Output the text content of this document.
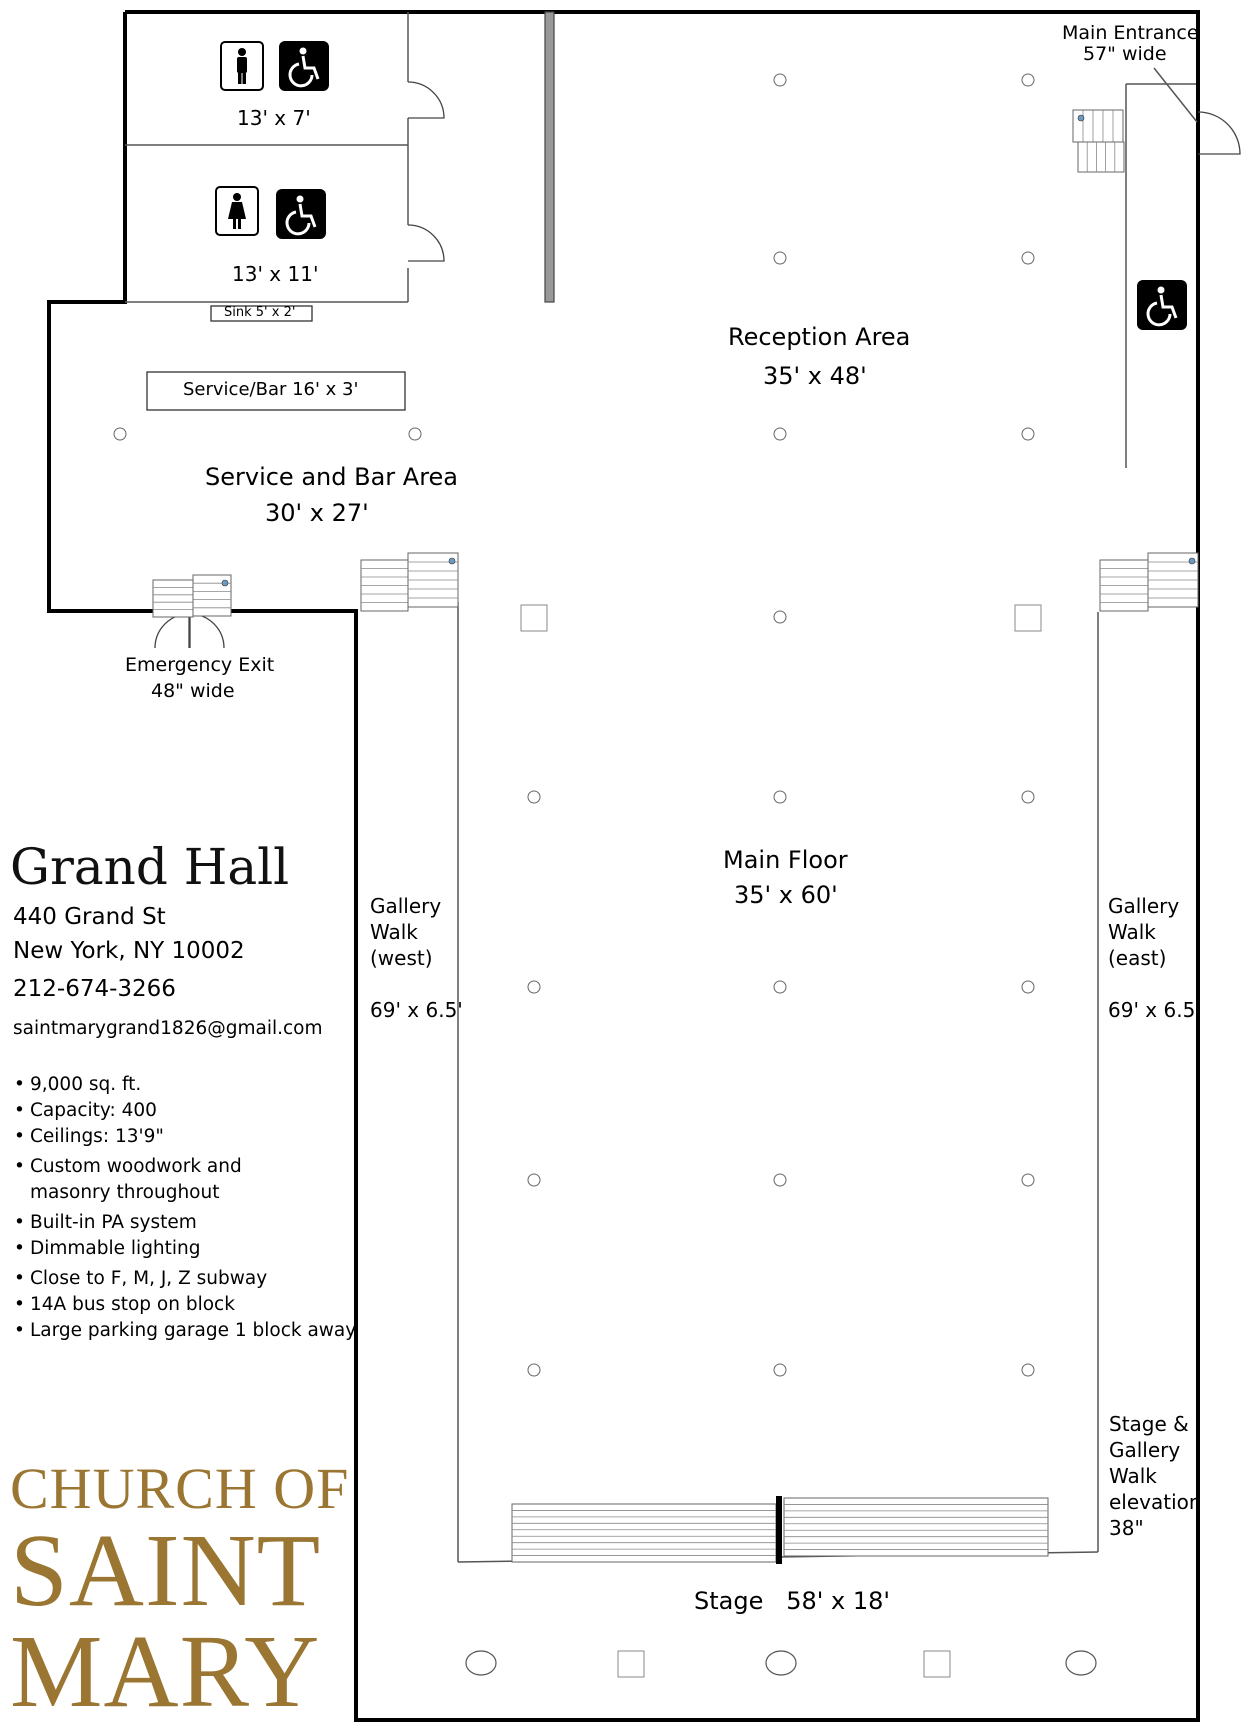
13' x 7'
13' x 11'
Sink 5' x 2'
Service/Bar 16' x 3'
Service and Bar Area
30' x 27'
Reception Area
35' x 48'
Main Floor
35' x 60'
Gallery
Walk
(west)
69' x 6.5'
Gallery
Walk
(east)
69' x 6.5'
Stage &
Gallery
Walk
elevation
38"
Stage   58' x 18'
Main Entrance
57" wide
Emergency Exit
48" wide
Grand Hall
440 Grand St
New York, NY 10002
212-674-3266
saintmarygrand1826@gmail.com
• 9,000 sq. ft.
• Capacity: 400
• Ceilings: 13'9"
• Custom woodwork and
masonry throughout
• Built-in PA system
• Dimmable lighting
• Close to F, M, J, Z subway
• 14A bus stop on block
• Large parking garage 1 block away
CHURCH OF
SAINT
MARY
